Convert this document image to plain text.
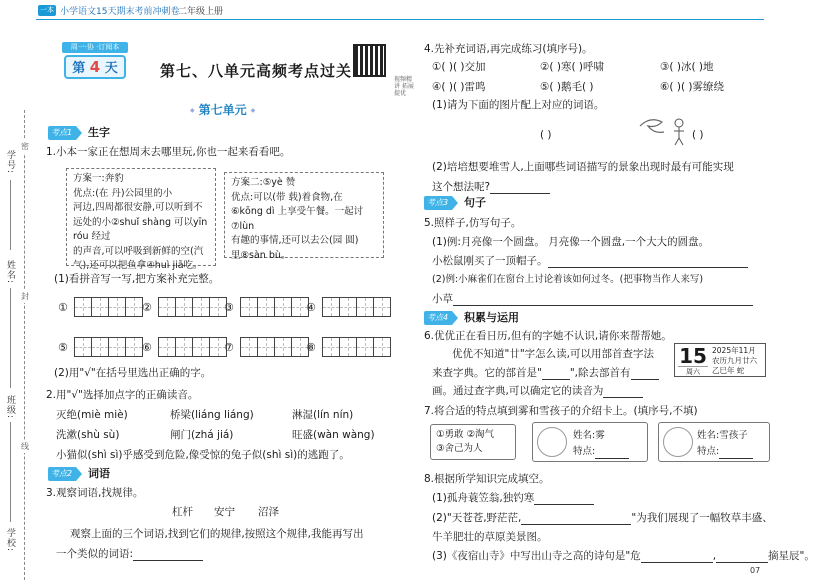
一本 小学语文15天期末考前冲刺卷
二年级上册
学号:
姓名:
班级:
学校:
密
封
线
周一·协 ·订阅本
第 4 天	第七、八单元高频考点过关	视频精讲 拓展提优
◆ 第七单元 ◆
考点1	生字
1.小本一家正在想周末去哪里玩,你也一起来看看吧。
方案一:奔豹
优点:(在 丹)公园里的小
河边,四周都很安静,可以听到不
远处的小②shuǐ shàng 可以yīn róu 经过
的声音,可以呼吸到新鲜的空(汽
气),还可以把鱼拿④huì jiā吃。
方案二:⑤yè 赞
优点:可以(带 载)着食物,在
⑥kōng dì 上享受午餐。一起讨⑦lùn
有趣的事情,还可以去公(园 圆)
里⑧sàn bù。
(1)看拼音写一写,把方案补充完整。
①	②	③	④
⑤	⑥	⑦	⑧
(2)用"√"在括号里选出正确的字。
2.用"√"选择加点字的正确读音。
灭绝(miè miè)	桥梁(liáng liáng)	淋湿(lín nín)
洗漱(shù sù)	闸门(zhá jiá)	旺盛(wàn wàng)
小猫似(shì sì)乎感受到危险,像受惊的兔子似(shì sì)的逃跑了。
考点2	词语
3.观察词语,找规律。
杠杆 安宁 沼泽
观察上面的三个词语,找到它们的规律,按照这个规律,我能再写出
一个类似的词语:
4.先补充词语,再完成练习(填序号)。
①( )( )交加	②( )寒( )呼啸	③( )冰( )地
④( )( )雷鸣	⑤( )鹅毛( )	⑥( )( )雾缭绕
(1)请为下面的图片配上对应的词语。
( )	( )
(2)培培想要堆雪人,上面哪些词语描写的景象出现时最有可能实现
这个想法呢?
考点3	句子
5.照样子,仿写句子。
(1)例:月亮像一个圆盘。 月亮像一个圆盘,一个大大的圆盘。
小松鼠刚买了一顶帽子。
(2)例:小麻雀们在窗台上讨论着该如何过冬。(把事物当作人来写)
小草
考点4	积累与运用
6.优优正在看日历,但有的字她不认识,请你来帮帮她。
优优不知道"廿"字怎么读,可以用部首查字法
来查字典。它的部首是"	",除去部首有
画。通过查字典,可以确定它的读音为
15
周六
2025年11月
农历九月廿六
乙巳年 蛇
7.将合适的特点填到雾和雪孩子的介绍卡上。(填序号,不填)
①勇敢 ②淘气
③舍己为人
姓名:雾
特点:
姓名:雪孩子
特点:
8.根据所学知识完成填空。
(1)孤舟蓑笠翁,独钓寒
(2)"天苍苍,野茫茫,	"为我们展现了一幅牧草丰盛、
牛羊肥壮的草原美景图。
(3)《夜宿山寺》中写出山寺之高的诗句是"危	,	摘星辰"。
07
